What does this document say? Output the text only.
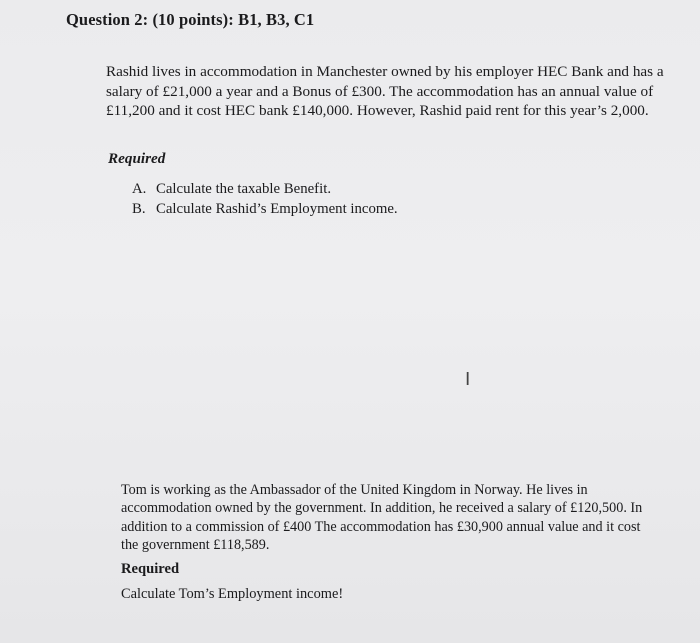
Question 2: (10 points): B1, B3, C1

Rashid lives in accommodation in Manchester owned by his employer HEC Bank and has a salary of £21,000 a year and a Bonus of £300. The accommodation has an annual value of £11,200 and it cost HEC bank £140,000. However, Rashid paid rent for this year’s 2,000.

Required
A. Calculate the taxable Benefit.
B. Calculate Rashid’s Employment income.
I

Tom is working as the Ambassador of the United Kingdom in Norway. He lives in accommodation owned by the government. In addition, he received a salary of £120,500. In addition to a commission of £400 The accommodation has £30,900 annual value and it cost the government £118,589.

Required
Calculate Tom’s Employment income!
